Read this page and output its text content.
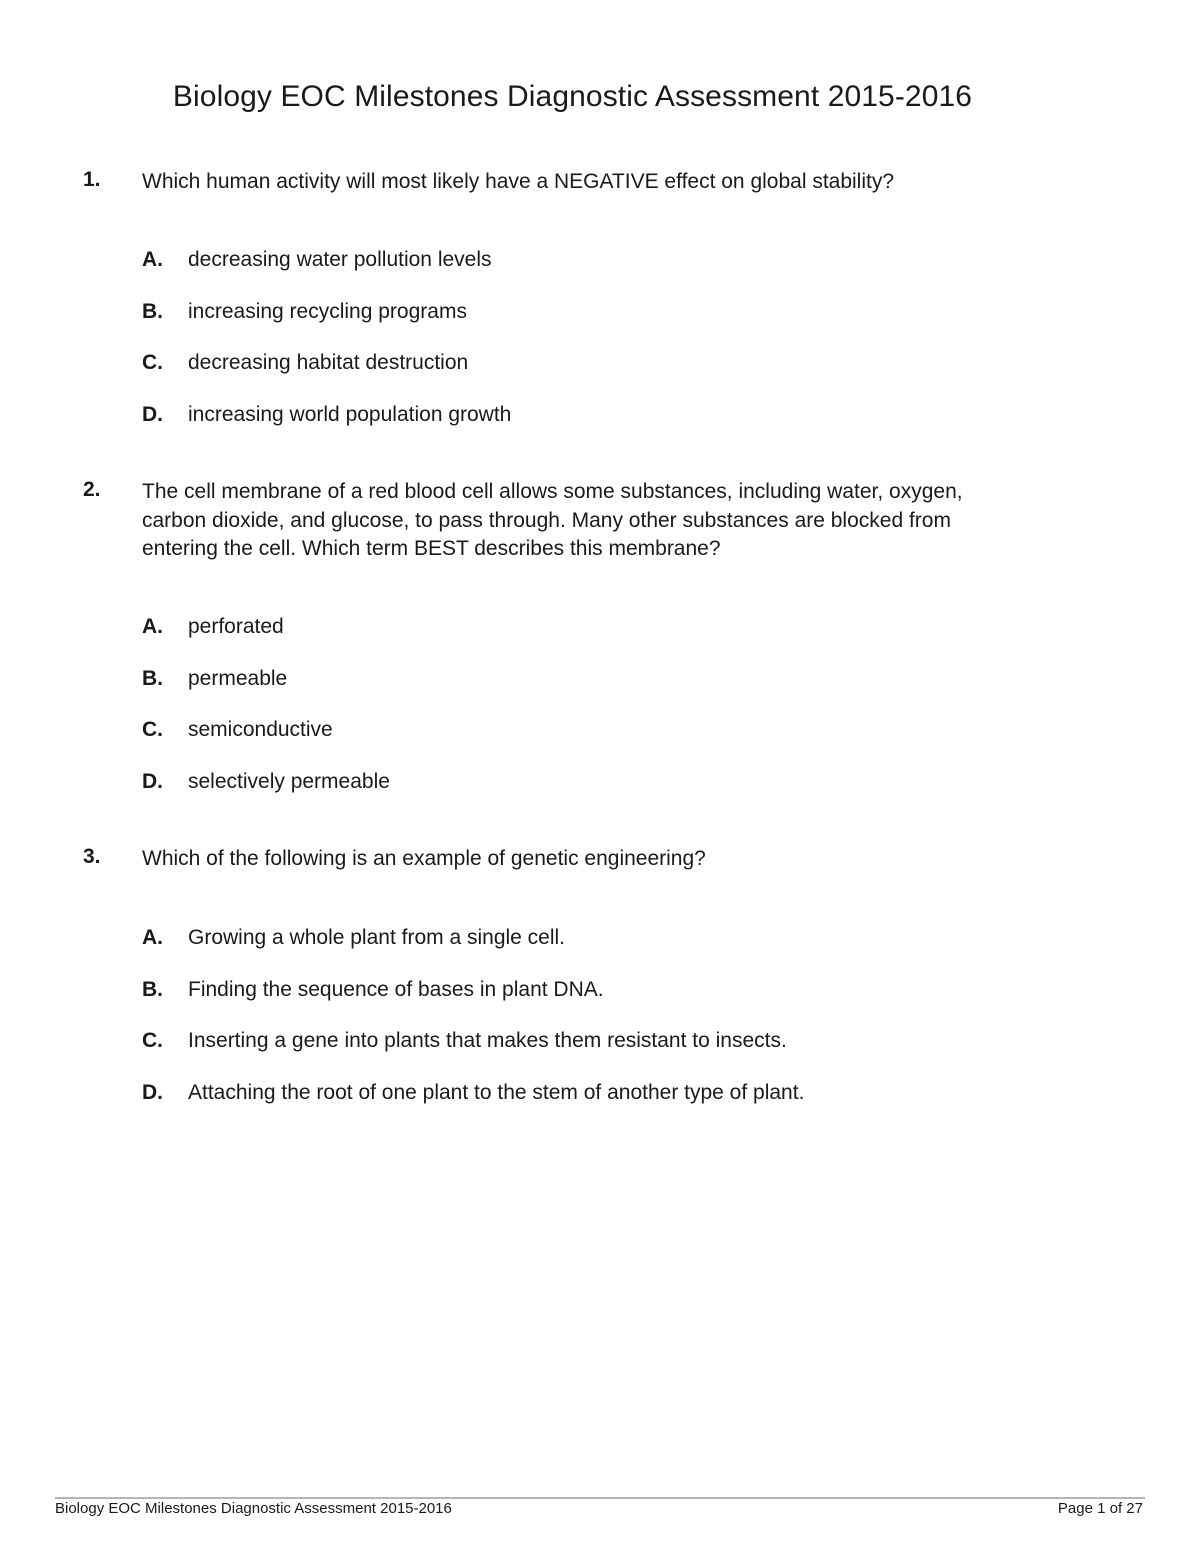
Biology EOC Milestones Diagnostic Assessment 2015-2016
1. Which human activity will most likely have a NEGATIVE effect on global stability?

A. decreasing water pollution levels
B. increasing recycling programs
C. decreasing habitat destruction
D. increasing world population growth
2. The cell membrane of a red blood cell allows some substances, including water, oxygen, carbon dioxide, and glucose, to pass through. Many other substances are blocked from entering the cell. Which term BEST describes this membrane?

A. perforated
B. permeable
C. semiconductive
D. selectively permeable
3. Which of the following is an example of genetic engineering?

A. Growing a whole plant from a single cell.
B. Finding the sequence of bases in plant DNA.
C. Inserting a gene into plants that makes them resistant to insects.
D. Attaching the root of one plant to the stem of another type of plant.
Biology EOC Milestones Diagnostic Assessment 2015-2016	Page 1 of 27
